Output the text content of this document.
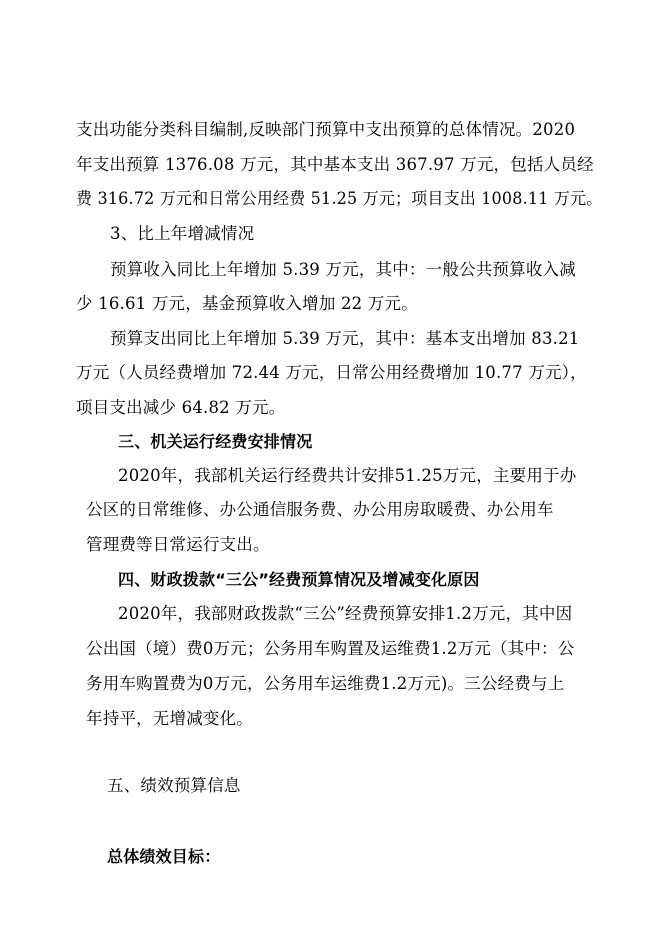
支出功能分类科目编制,反映部门预算中支出预算的总体情况。2020
年支出预算 1376.08 万元，其中基本支出 367.97 万元，包括人员经
费 316.72 万元和日常公用经费 51.25 万元；项目支出 1008.11 万元。
3、比上年增减情况
预算收入同比上年增加 5.39 万元，其中：一般公共预算收入减
少 16.61 万元，基金预算收入增加 22 万元。
预算支出同比上年增加 5.39 万元，其中：基本支出增加 83.21
万元（人员经费增加 72.44 万元，日常公用经费增加 10.77 万元），
项目支出减少 64.82 万元。
三、机关运行经费安排情况
2020年，我部机关运行经费共计安排51.25万元，主要用于办
公区的日常维修、办公通信服务费、办公用房取暖费、办公用车
管理费等日常运行支出。
四、财政拨款“三公”经费预算情况及增减变化原因
2020年，我部财政拨款“三公”经费预算安排1.2万元，其中因
公出国（境）费0万元；公务用车购置及运维费1.2万元（其中：公
务用车购置费为0万元，公务用车运维费1.2万元)。三公经费与上
年持平，无增减变化。
五、绩效预算信息
总体绩效目标：
